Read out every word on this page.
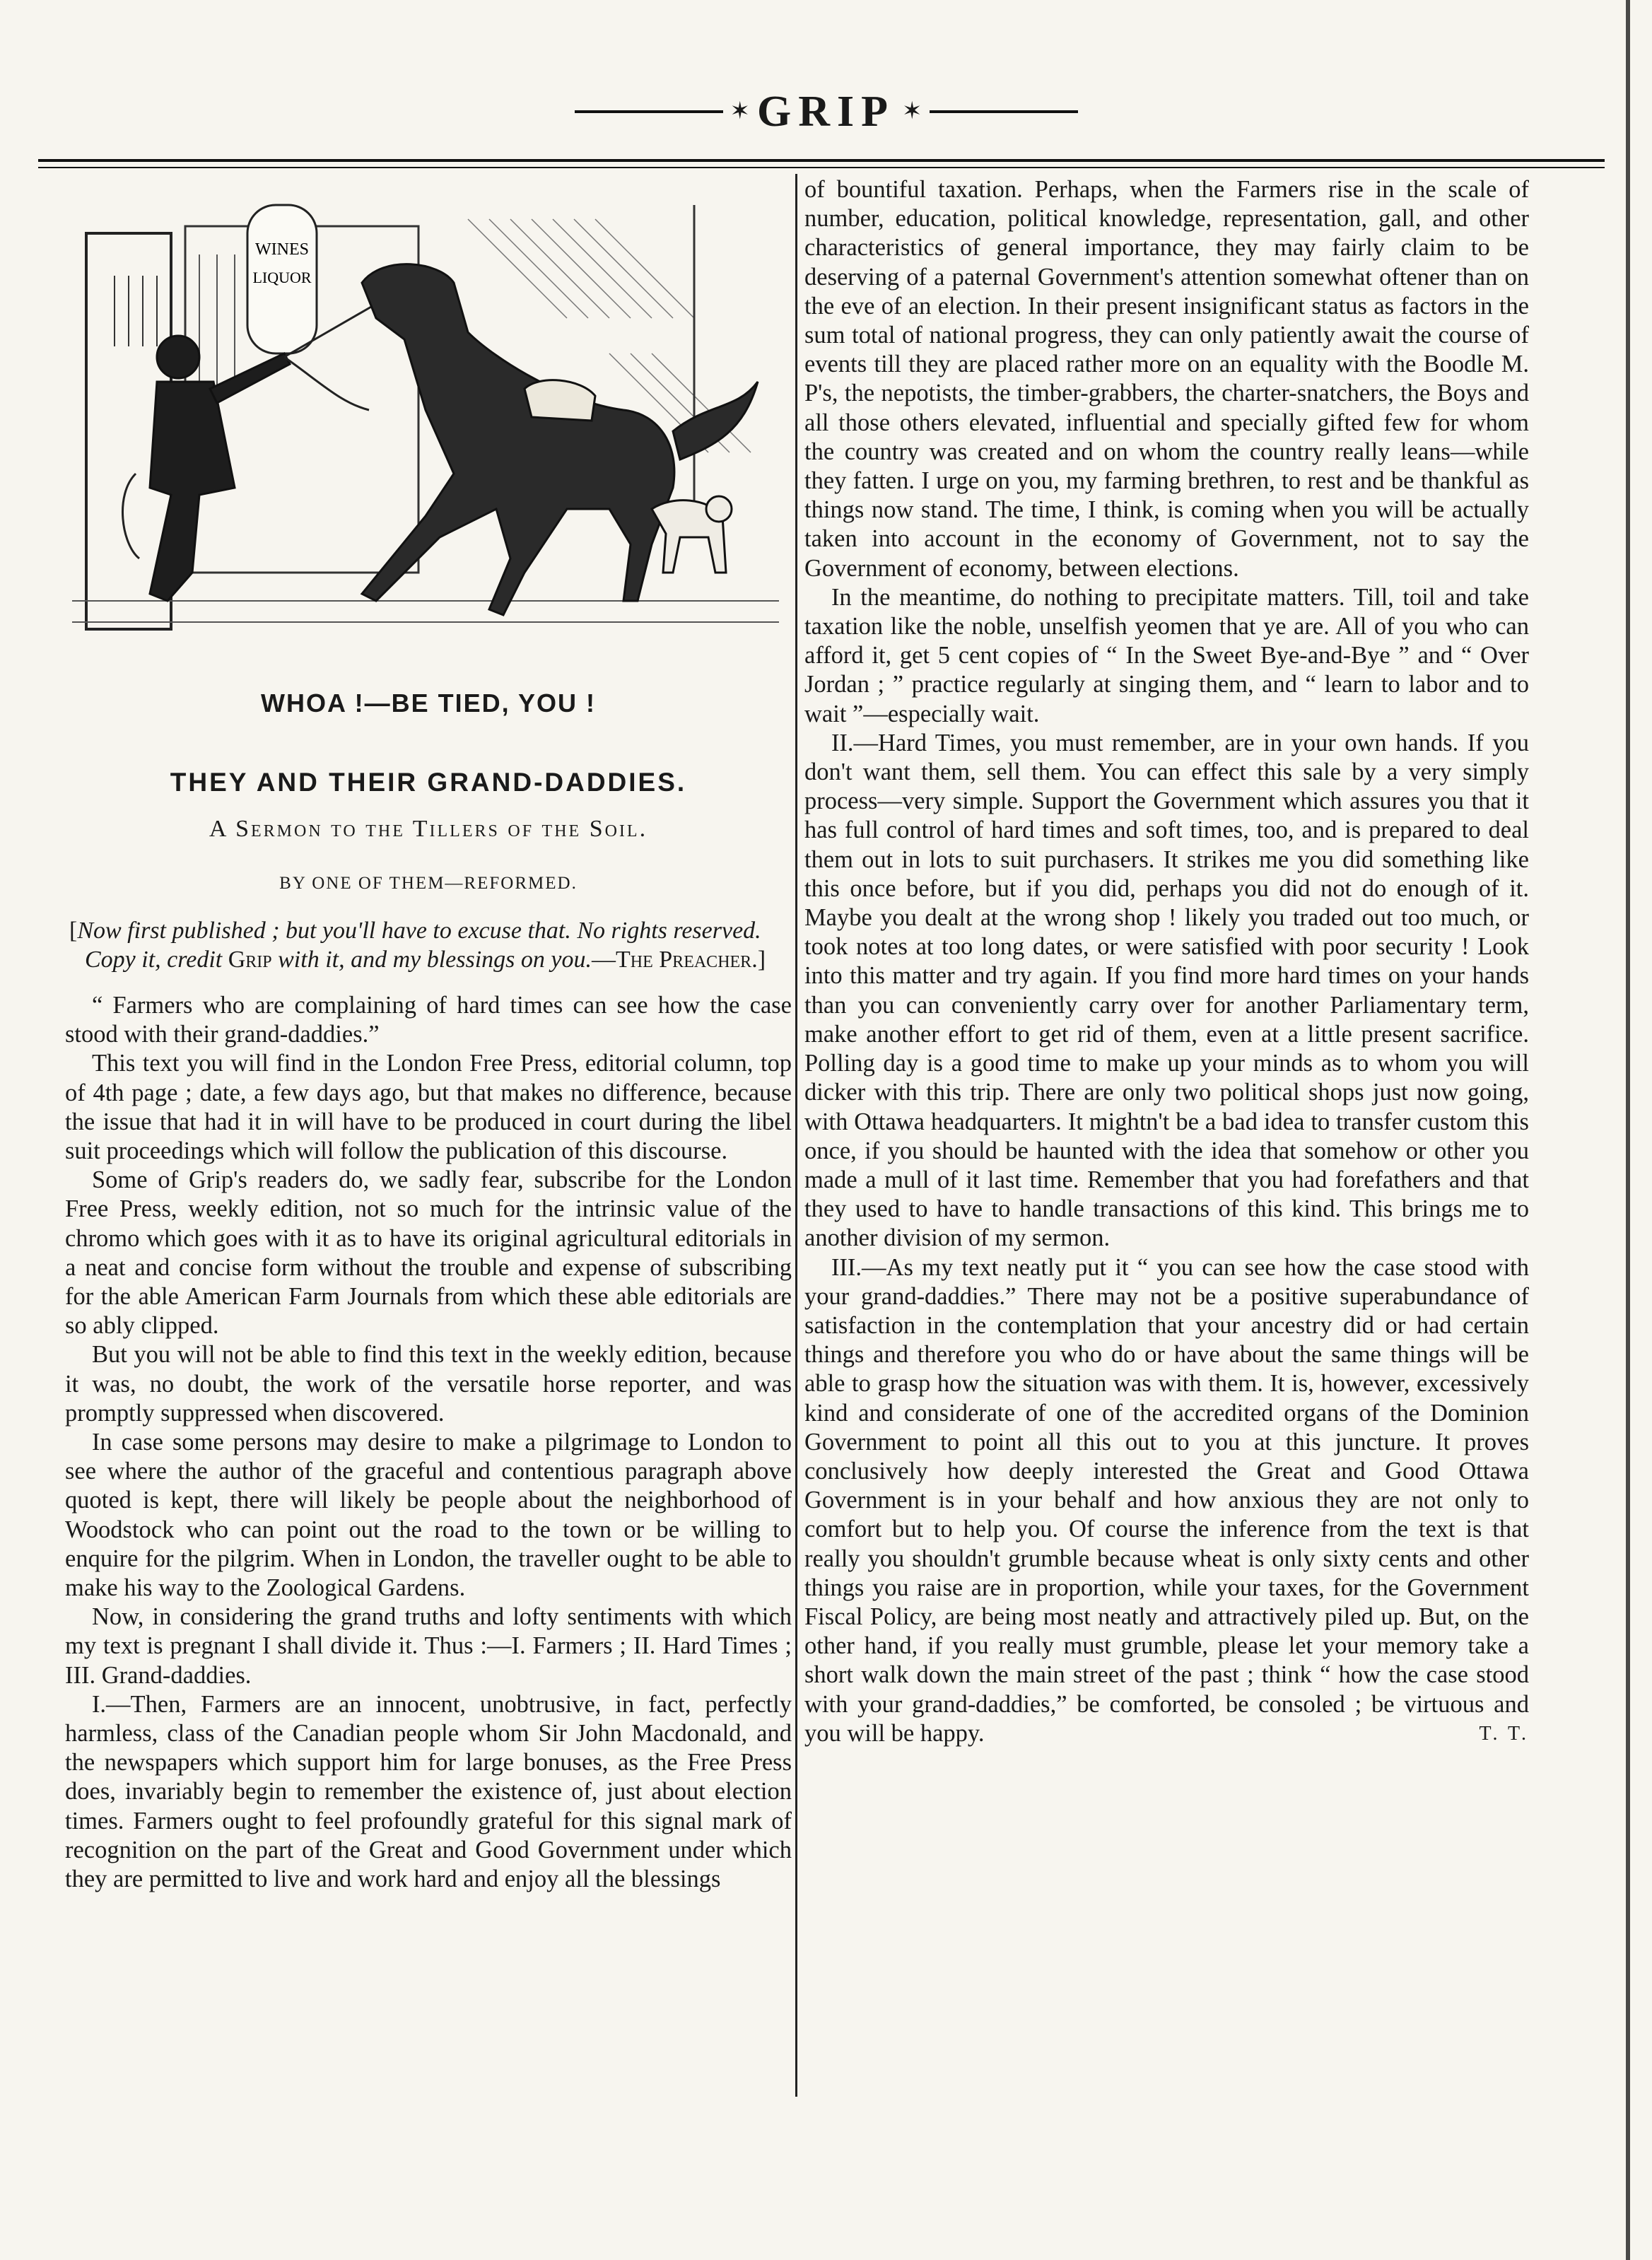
✶ GRIP ✶
WINES
LIQUOR
WHOA !—BE TIED, YOU !
THEY AND THEIR GRAND-DADDIES.
A Sermon to the Tillers of the Soil.
BY ONE OF THEM—REFORMED.
[Now first published ; but you'll have to excuse that. No rights reserved. Copy it, credit Grip with it, and my blessings on you.—The Preacher.]

“ Farmers who are complaining of hard times can see how the case stood with their grand-daddies.”

This text you will find in the London Free Press, editorial column, top of 4th page ; date, a few days ago, but that makes no difference, because the issue that had it in will have to be produced in court during the libel suit proceedings which will follow the publication of this discourse.

Some of Grip's readers do, we sadly fear, subscribe for the London Free Press, weekly edition, not so much for the intrinsic value of the chromo which goes with it as to have its original agricultural editorials in a neat and concise form without the trouble and expense of subscribing for the able American Farm Journals from which these able editorials are so ably clipped.

But you will not be able to find this text in the weekly edition, because it was, no doubt, the work of the versatile horse reporter, and was promptly suppressed when discovered.

In case some persons may desire to make a pilgrimage to London to see where the author of the graceful and contentious paragraph above quoted is kept, there will likely be people about the neighborhood of Woodstock who can point out the road to the town or be willing to enquire for the pilgrim. When in London, the traveller ought to be able to make his way to the Zoological Gardens.

Now, in considering the grand truths and lofty sentiments with which my text is pregnant I shall divide it. Thus :—I. Farmers ; II. Hard Times ; III. Grand-daddies.

I.—Then, Farmers are an innocent, unobtrusive, in fact, perfectly harmless, class of the Canadian people whom Sir John Macdonald, and the newspapers which support him for large bonuses, as the Free Press does, invariably begin to remember the existence of, just about election times. Farmers ought to feel profoundly grateful for this signal mark of recognition on the part of the Great and Good Government under which they are permitted to live and work hard and enjoy all the blessings

of bountiful taxation. Perhaps, when the Farmers rise in the scale of number, education, political knowledge, representation, gall, and other characteristics of general importance, they may fairly claim to be deserving of a paternal Government's attention somewhat oftener than on the eve of an election. In their present insignificant status as factors in the sum total of national progress, they can only patiently await the course of events till they are placed rather more on an equality with the Boodle M. P's, the nepotists, the timber-grabbers, the charter-snatchers, the Boys and all those others elevated, influential and specially gifted few for whom the country was created and on whom the country really leans—while they fatten. I urge on you, my farming brethren, to rest and be thankful as things now stand. The time, I think, is coming when you will be actually taken into account in the economy of Government, not to say the Government of economy, between elections.

In the meantime, do nothing to precipitate matters. Till, toil and take taxation like the noble, unselfish yeomen that ye are. All of you who can afford it, get 5 cent copies of “ In the Sweet Bye-and-Bye ” and “ Over Jordan ; ” practice regularly at singing them, and “ learn to labor and to wait ”—especially wait.

II.—Hard Times, you must remember, are in your own hands. If you don't want them, sell them. You can effect this sale by a very simply process—very simple. Support the Government which assures you that it has full control of hard times and soft times, too, and is prepared to deal them out in lots to suit purchasers. It strikes me you did something like this once before, but if you did, perhaps you did not do enough of it. Maybe you dealt at the wrong shop ! likely you traded out too much, or took notes at too long dates, or were satisfied with poor security ! Look into this matter and try again. If you find more hard times on your hands than you can conveniently carry over for another Parliamentary term, make another effort to get rid of them, even at a little present sacrifice. Polling day is a good time to make up your minds as to whom you will dicker with this trip. There are only two political shops just now going, with Ottawa headquarters. It mightn't be a bad idea to transfer custom this once, if you should be haunted with the idea that somehow or other you made a mull of it last time. Remember that you had forefathers and that they used to have to handle transactions of this kind. This brings me to another division of my sermon.

III.—As my text neatly put it “ you can see how the case stood with your grand-daddies.” There may not be a positive superabundance of satisfaction in the contemplation that your ancestry did or had certain things and therefore you who do or have about the same things will be able to grasp how the situation was with them. It is, however, excessively kind and considerate of one of the accredited organs of the Dominion Government to point all this out to you at this juncture. It proves conclusively how deeply interested the Great and Good Ottawa Government is in your behalf and how anxious they are not only to comfort but to help you. Of course the inference from the text is that really you shouldn't grumble because wheat is only sixty cents and other things you raise are in proportion, while your taxes, for the Government Fiscal Policy, are being most neatly and attractively piled up. But, on the other hand, if you really must grumble, please let your memory take a short walk down the main street of the past ; think “ how the case stood with your grand-daddies,” be comforted, be consoled ; be virtuous and you will be happy.	T. T.
